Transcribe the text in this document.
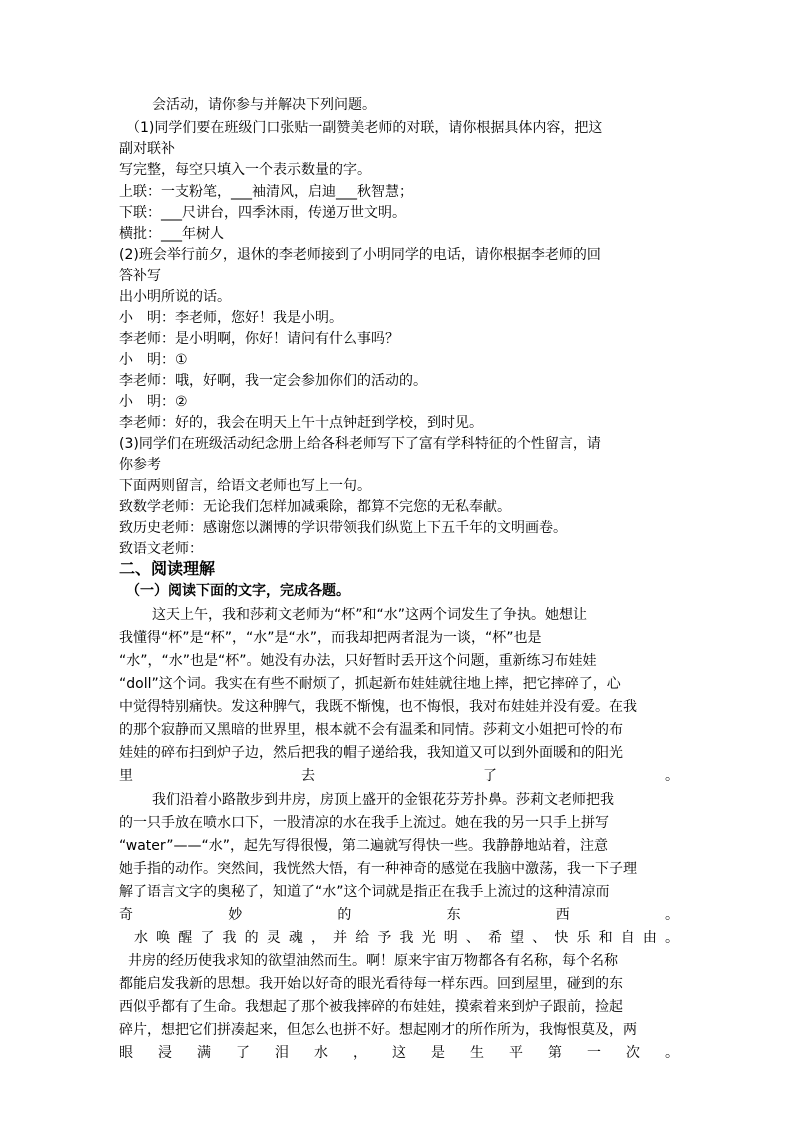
会活动，请你参与并解决下列问题。
（1)同学们要在班级门口张贴一副赞美老师的对联，请你根据具体内容，把这
副对联补
写完整，每空只填入一个表示数量的字。
上联：一支粉笔，___袖清风，启迪___秋智慧；
下联：___尺讲台，四季沐雨，传递万世文明。
横批：___年树人
(2)班会举行前夕，退休的李老师接到了小明同学的电话，请你根据李老师的回
答补写
出小明所说的话。
小　明：李老师，您好！我是小明。
李老师：是小明啊，你好！请问有什么事吗？
小　明：①
李老师：哦，好啊，我一定会参加你们的活动的。
小　明：②
李老师：好的，我会在明天上午十点钟赶到学校，到时见。
(3)同学们在班级活动纪念册上给各科老师写下了富有学科特征的个性留言，请
你参考
下面两则留言，给语文老师也写上一句。
致数学老师：无论我们怎样加减乘除，都算不完您的无私奉献。
致历史老师：感谢您以渊博的学识带领我们纵览上下五千年的文明画卷。
致语文老师：
二、阅读理解
（一）阅读下面的文字，完成各题。
这天上午，我和莎莉文老师为“杯”和“水”这两个词发生了争执。她想让
我懂得“杯”是“杯”，“水”是“水”，而我却把两者混为一谈，“杯”也是
“水”，“水”也是“杯”。她没有办法，只好暂时丢开这个问题，重新练习布娃娃
“doll”这个词。我实在有些不耐烦了，抓起新布娃娃就往地上摔，把它摔碎了，心
中觉得特别痛快。发这种脾气，我既不惭愧，也不悔恨，我对布娃娃并没有爱。在我
的那个寂静而又黑暗的世界里，根本就不会有温柔和同情。莎莉文小姐把可怜的布
娃娃的碎布扫到炉子边，然后把我的帽子递给我，我知道又可以到外面暖和的阳光
里	去	了	。
我们沿着小路散步到井房，房顶上盛开的金银花芬芳扑鼻。莎莉文老师把我
的一只手放在喷水口下，一股清凉的水在我手上流过。她在我的另一只手上拼写
“water”——“水”，起先写得很慢，第二遍就写得快一些。我静静地站着，注意
她手指的动作。突然间，我恍然大悟，有一种神奇的感觉在我脑中激荡，我一下子理
解了语言文字的奥秘了，知道了“水”这个词就是指正在我手上流过的这种清凉而
奇	妙	的	东	西	。
水 唤 醒 了 我 的 灵 魂 ， 并 给 予 我 光 明 、 希 望 、 快 乐 和 自 由 。
井房的经历使我求知的欲望油然而生。啊！原来宇宙万物都各有名称，每个名称
都能启发我新的思想。我开始以好奇的眼光看待每一样东西。回到屋里，碰到的东
西似乎都有了生命。我想起了那个被我摔碎的布娃娃，摸索着来到炉子跟前，捡起
碎片，想把它们拼凑起来，但怎么也拼不好。想起刚才的所作所为，我悔恨莫及，两
眼 浸 满 了 泪 水 ， 这 是 生 平 第 一 次 。
